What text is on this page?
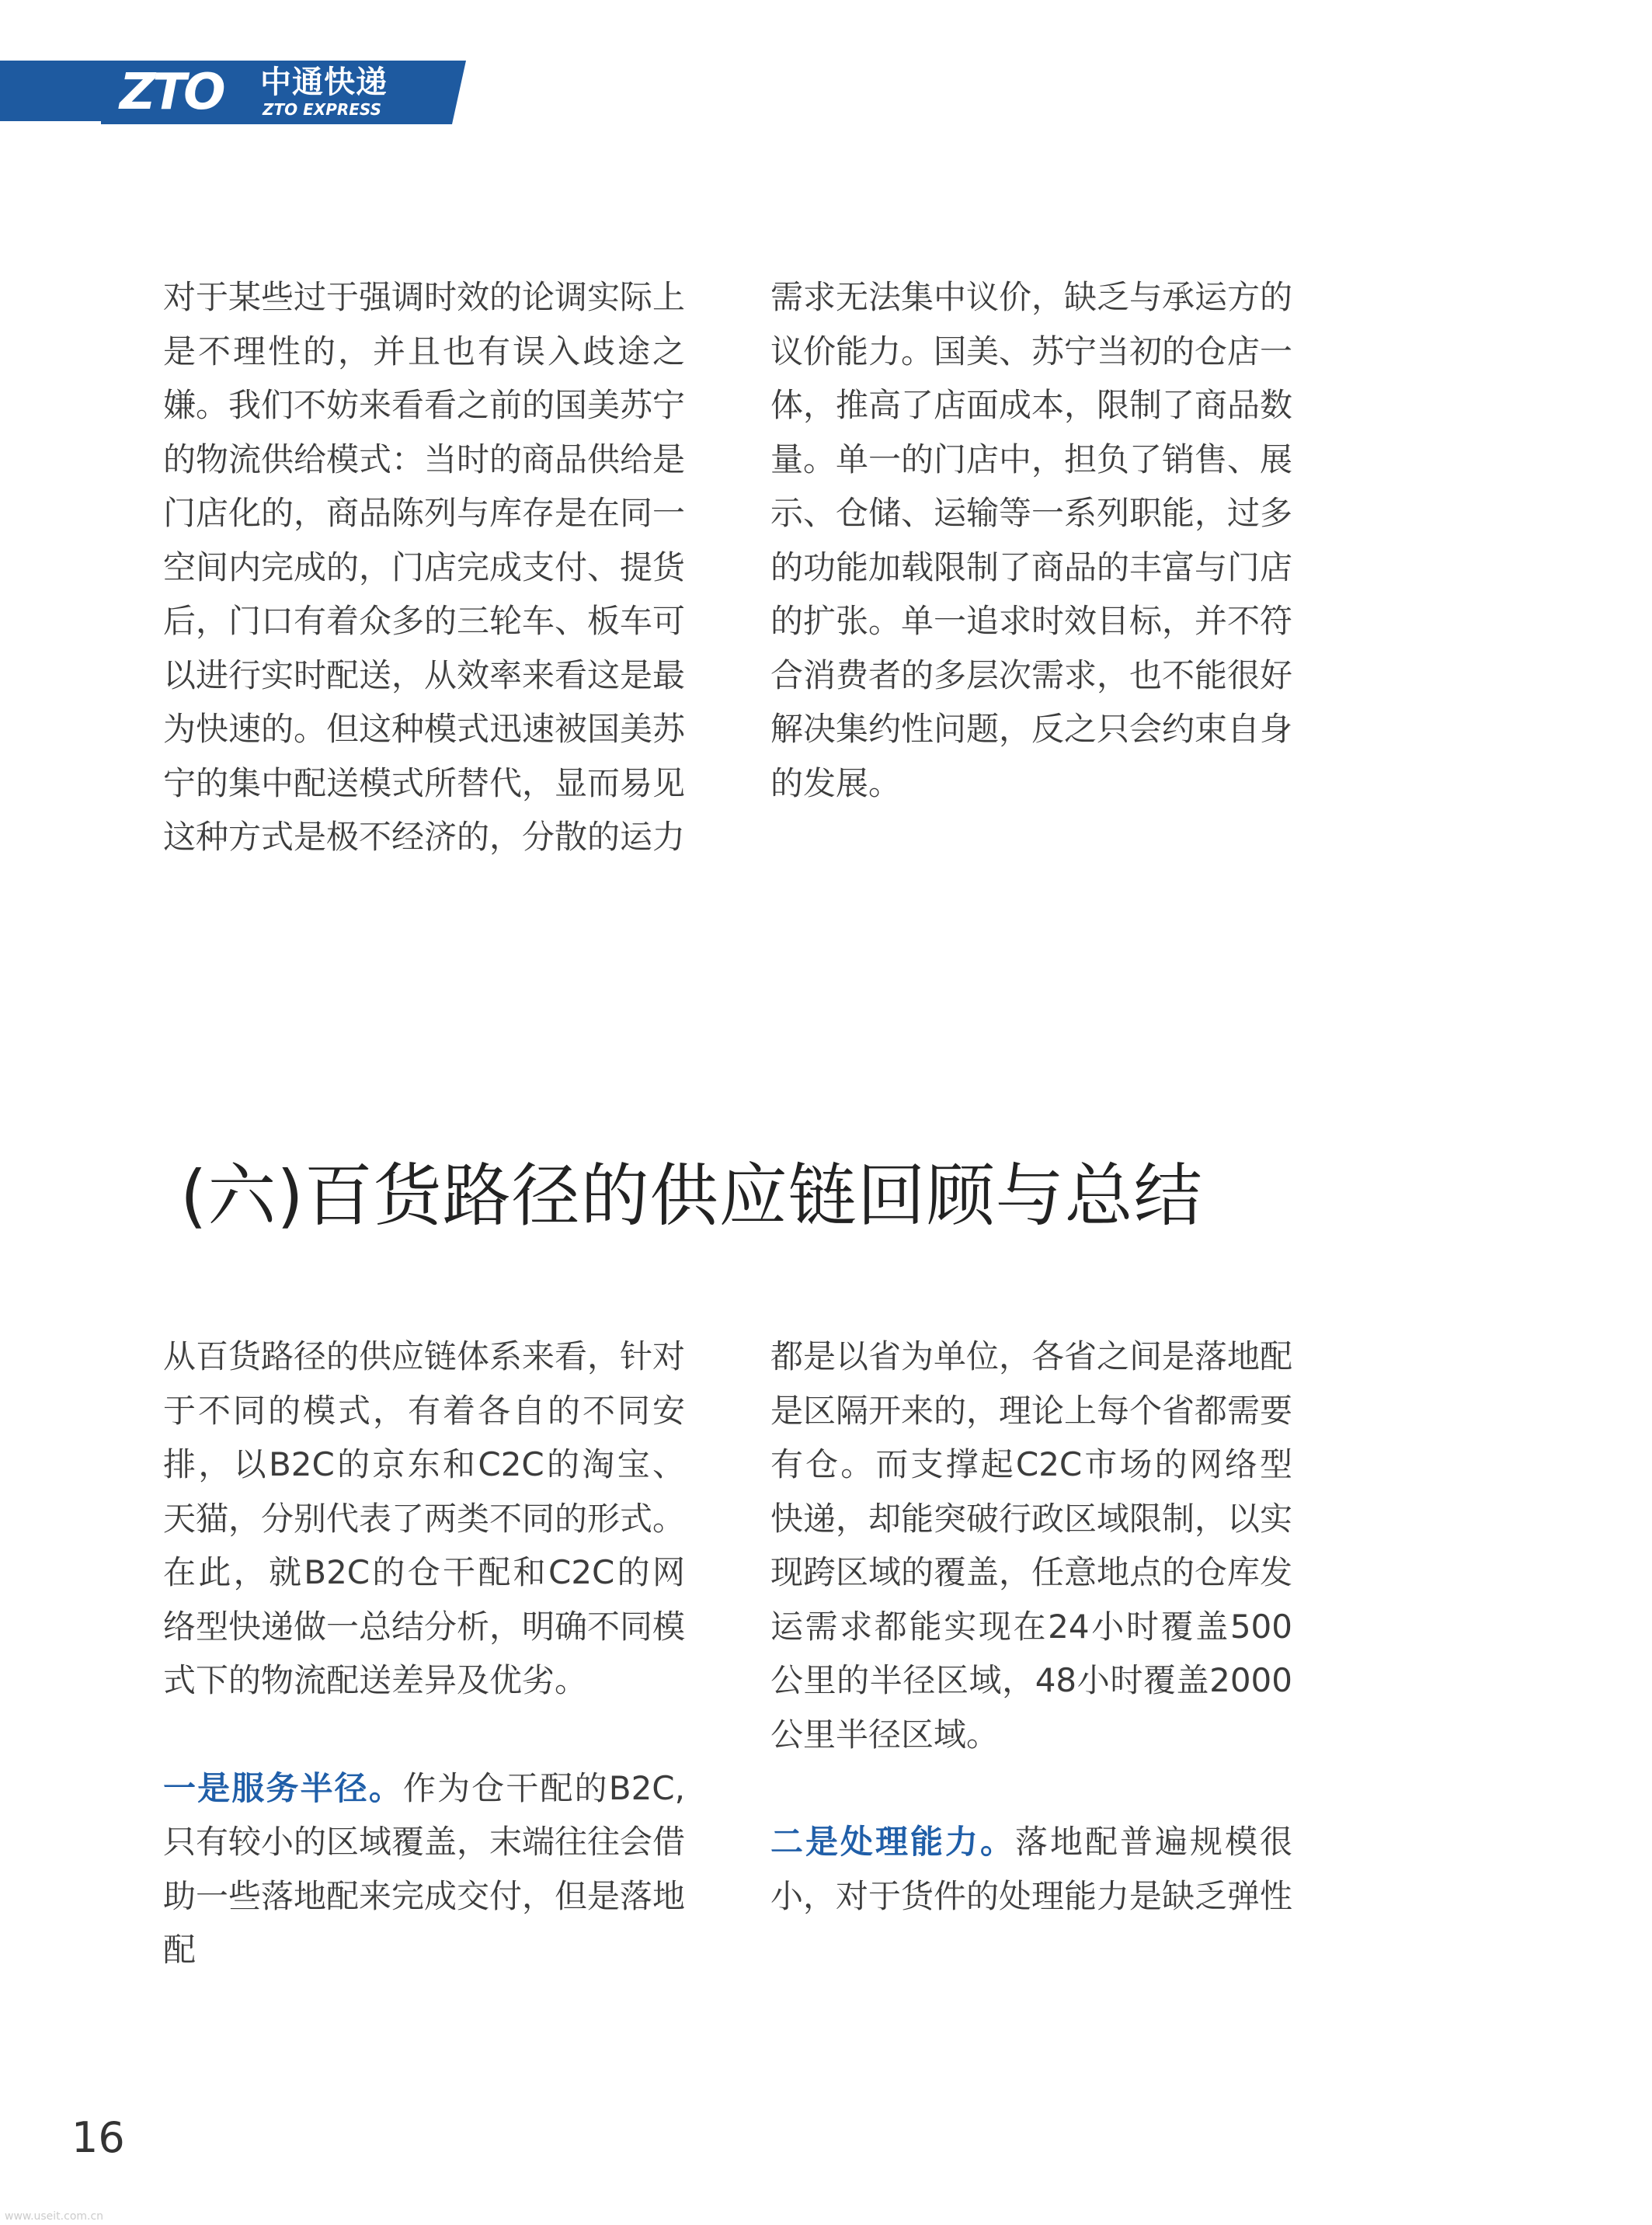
ZTO 中通快递
ZTO EXPRESS

对于某些过于强调时效的论调实际上是不理性的，并且也有误入歧途之嫌。我们不妨来看看之前的国美苏宁的物流供给模式：当时的商品供给是门店化的，商品陈列与库存是在同一空间内完成的，门店完成支付、提货后，门口有着众多的三轮车、板车可以进行实时配送，从效率来看这是最为快速的。但这种模式迅速被国美苏宁的集中配送模式所替代，显而易见这种方式是极不经济的，分散的运力

需求无法集中议价，缺乏与承运方的议价能力。国美、苏宁当初的仓店一体，推高了店面成本，限制了商品数量。单一的门店中，担负了销售、展示、仓储、运输等一系列职能，过多的功能加载限制了商品的丰富与门店的扩张。单一追求时效目标，并不符合消费者的多层次需求，也不能很好解决集约性问题，反之只会约束自身的发展。

(六)百货路径的供应链回顾与总结

从百货路径的供应链体系来看，针对于不同的模式，有着各自的不同安排，以B2C的京东和C2C的淘宝、天猫，分别代表了两类不同的形式。在此，就B2C的仓干配和C2C的网络型快递做一总结分析，明确不同模式下的物流配送差异及优劣。

一是服务半径。作为仓干配的B2C,只有较小的区域覆盖，末端往往会借助一些落地配来完成交付，但是落地配

都是以省为单位，各省之间是落地配是区隔开来的，理论上每个省都需要有仓。而支撑起C2C市场的网络型快递，却能突破行政区域限制，以实现跨区域的覆盖，任意地点的仓库发运需求都能实现在24小时覆盖500公里的半径区域，48小时覆盖2000公里半径区域。

二是处理能力。落地配普遍规模很小，对于货件的处理能力是缺乏弹性

16
www.useit.com.cn
